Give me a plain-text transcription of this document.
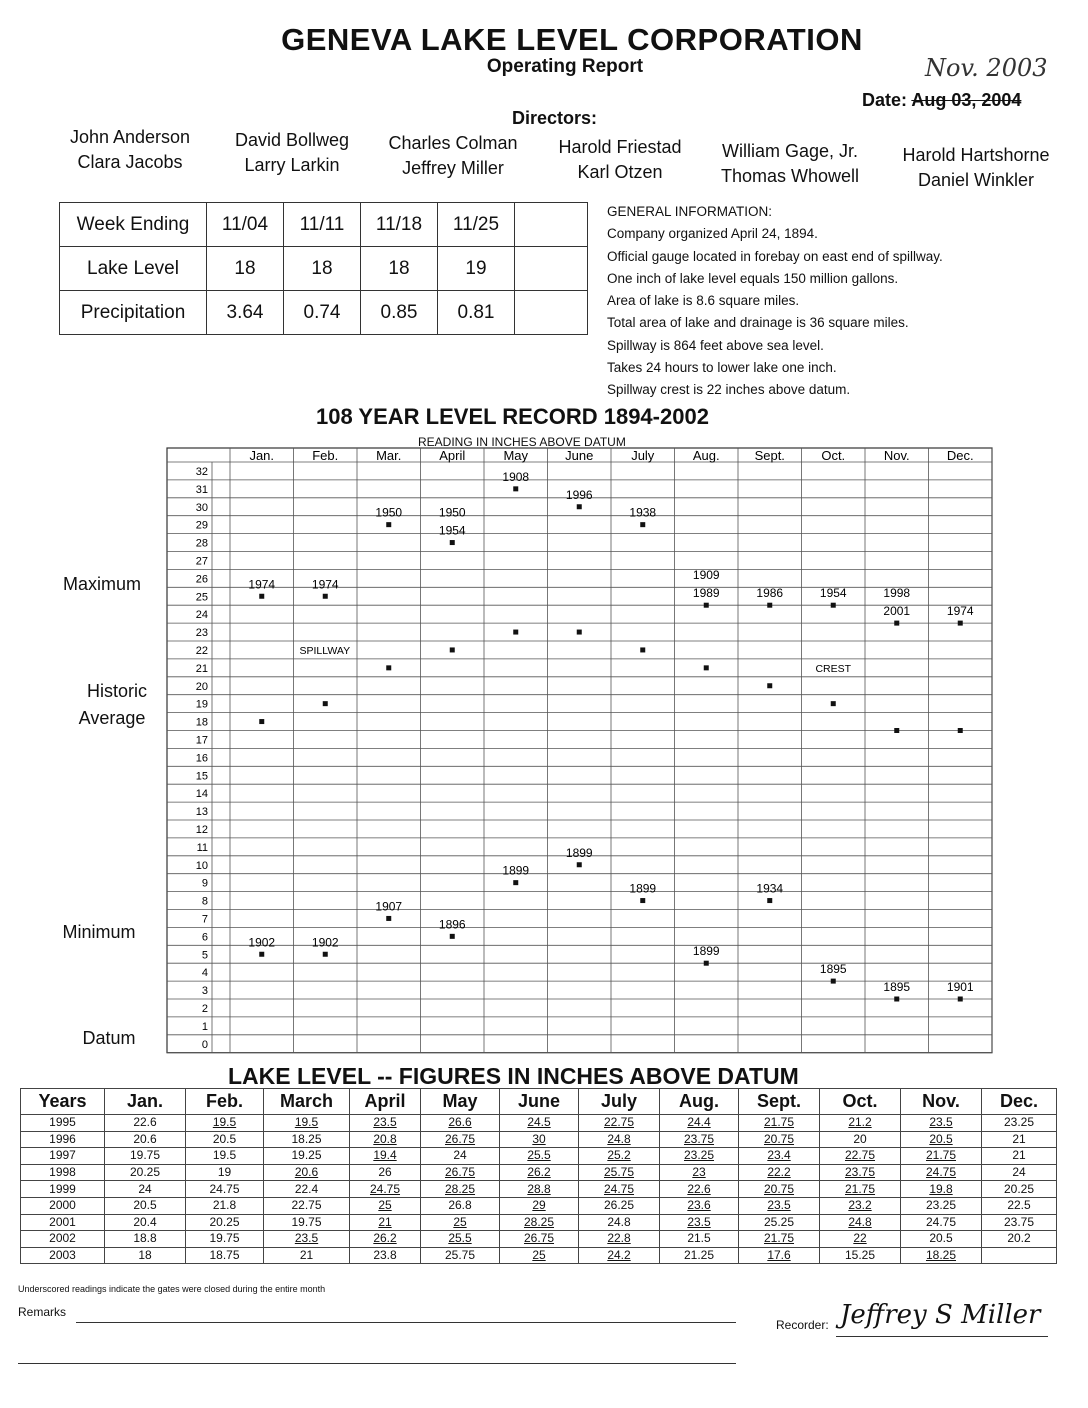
GENEVA LAKE LEVEL CORPORATION
Operating Report	Nov. 2003
Date: Aug 03, 2004
Directors:
John Anderson
Clara Jacobs
David Bollweg
Larry Larkin
Charles Colman
Jeffrey Miller
Harold Friestad
Karl Otzen
William Gage, Jr.
Thomas Whowell
Harold Hartshorne
Daniel Winkler
Week Ending	11/04	11/11	11/18	11/25	
Lake Level	18	18	18	19	
Precipitation	3.64	0.74	0.85	0.81	
GENERAL INFORMATION:
Company organized April 24, 1894.
Official gauge located in forebay on east end of spillway.
One inch of lake level equals 150 million gallons.
Area of lake is 8.6 square miles.
Total area of lake and drainage is 36 square miles.
Spillway is 864 feet above sea level.
Takes 24 hours to lower lake one inch.
Spillway crest is 22 inches above datum.
108 YEAR LEVEL RECORD 1894-2002
READING IN INCHES ABOVE DATUM
Maximum
Historic
Average
Minimum
Datum
32
31
30
29
28
27
26
25
24
23
22
21
20
19
18
17
16
15
14
13
12
11
10
9
8
7
6
5
4
3
2
1
0
Jan.	Feb.	Mar.	April	May	June	July	Aug.	Sept.	Oct.	Nov.	Dec.
1974	1974
1950	1950
1954
1908
1996
1938
1909
1989	1986	1954	1998
2001	1974
1902	1902
1907
1896
1899
1899
1899
1899
1934
1895
1895	1901
SPILLWAY
CREST
LAKE LEVEL -- FIGURES IN INCHES ABOVE DATUM
Years	Jan.	Feb.	March	April	May	June	July	Aug.	Sept.	Oct.	Nov.	Dec.
1995	22.6	19.5	19.5	23.5	26.6	24.5	22.75	24.4	21.75	21.2	23.5	23.25
1996	20.6	20.5	18.25	20.8	26.75	30	24.8	23.75	20.75	20	20.5	21
1997	19.75	19.5	19.25	19.4	24	25.5	25.2	23.25	23.4	22.75	21.75	21
1998	20.25	19	20.6	26	26.75	26.2	25.75	23	22.2	23.75	24.75	24
1999	24	24.75	22.4	24.75	28.25	28.8	24.75	22.6	20.75	21.75	19.8	20.25
2000	20.5	21.8	22.75	25	26.8	29	26.25	23.6	23.5	23.2	23.25	22.5
2001	20.4	20.25	19.75	21	25	28.25	24.8	23.5	25.25	24.8	24.75	23.75
2002	18.8	19.75	23.5	26.2	25.5	26.75	22.8	21.5	21.75	22	20.5	20.2
2003	18	18.75	21	23.8	25.75	25	24.2	21.25	17.6	15.25	18.25	
Underscored readings indicate the gates were closed during the entire month
Remarks
Recorder: Jeffrey S Miller
